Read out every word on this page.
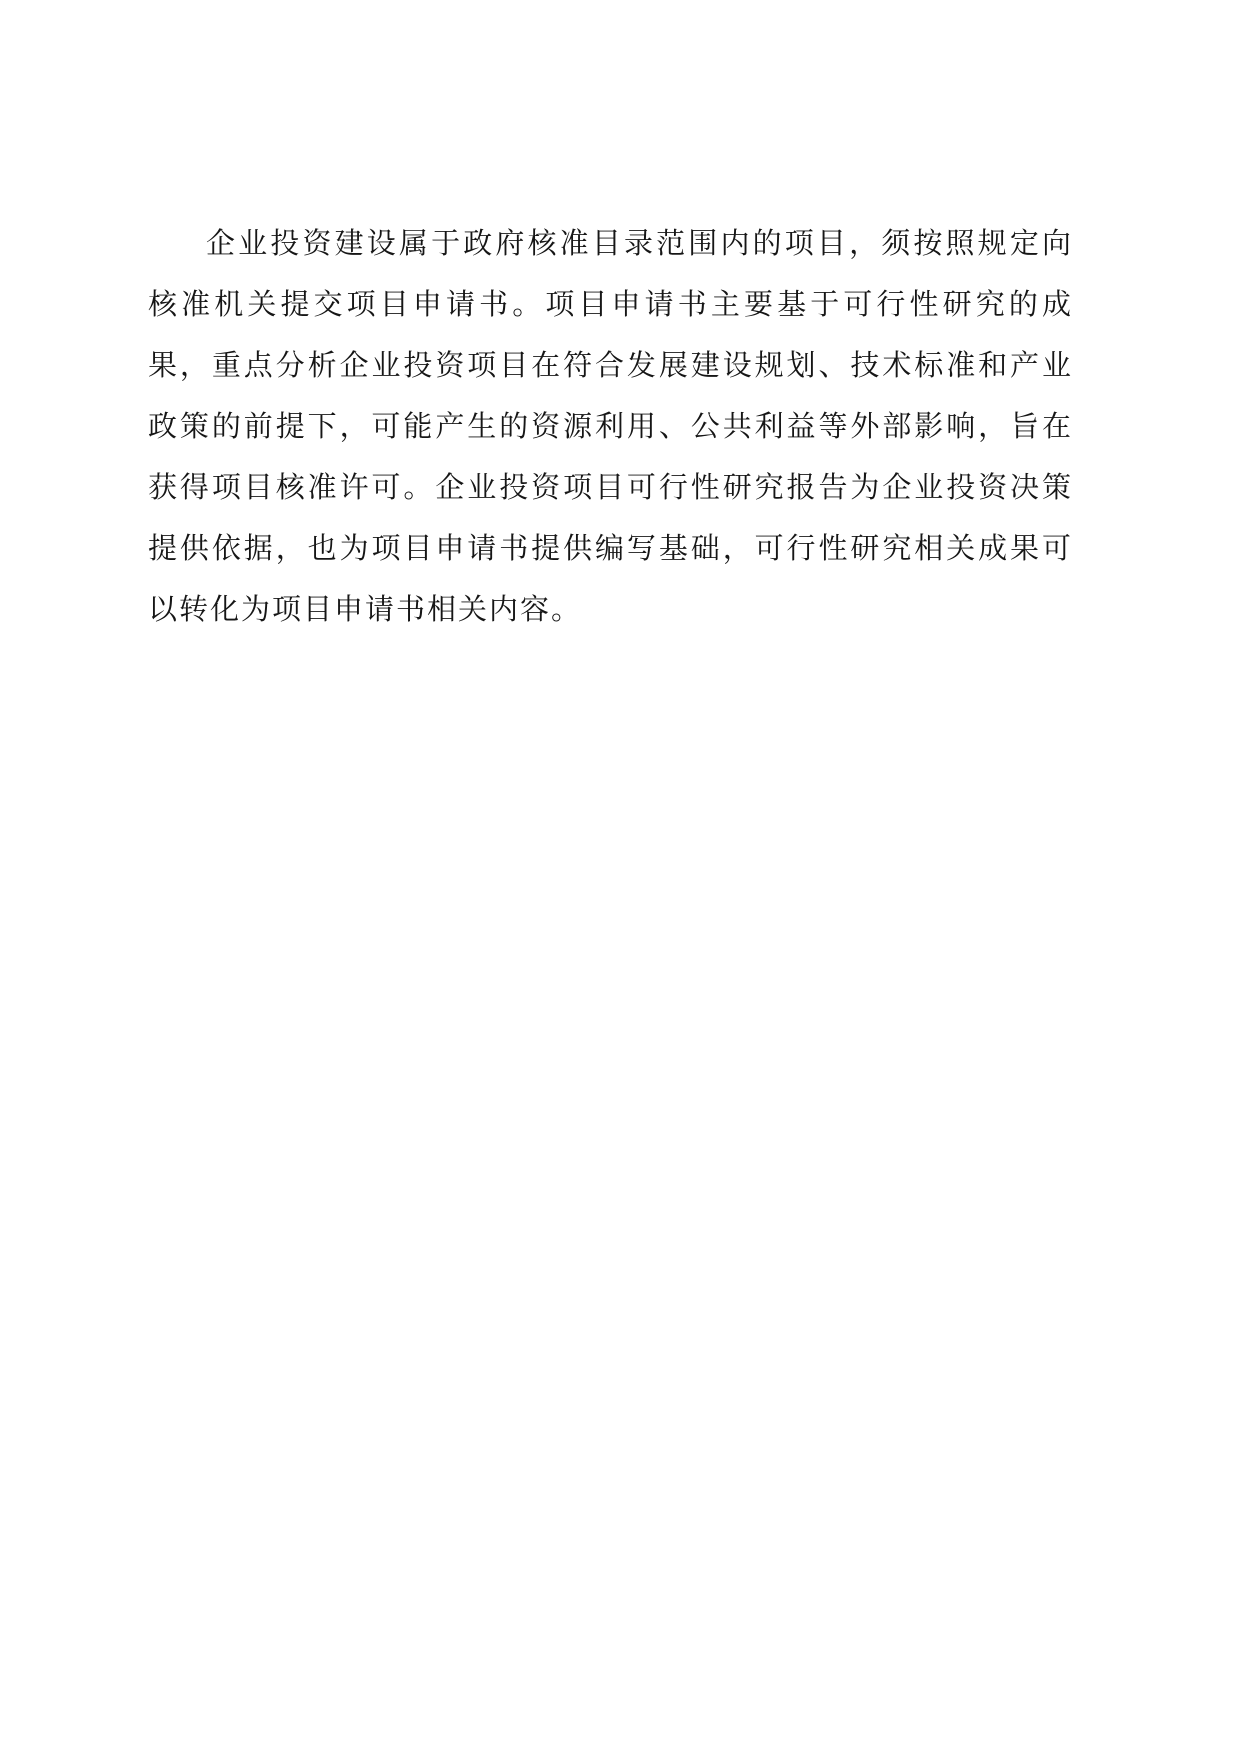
企业投资建设属于政府核准目录范围内的项目，须按照规定向核准机关提交项目申请书。项目申请书主要基于可行性研究的成果，重点分析企业投资项目在符合发展建设规划、技术标准和产业政策的前提下，可能产生的资源利用、公共利益等外部影响，旨在获得项目核准许可。企业投资项目可行性研究报告为企业投资决策提供依据，也为项目申请书提供编写基础，可行性研究相关成果可以转化为项目申请书相关内容。
